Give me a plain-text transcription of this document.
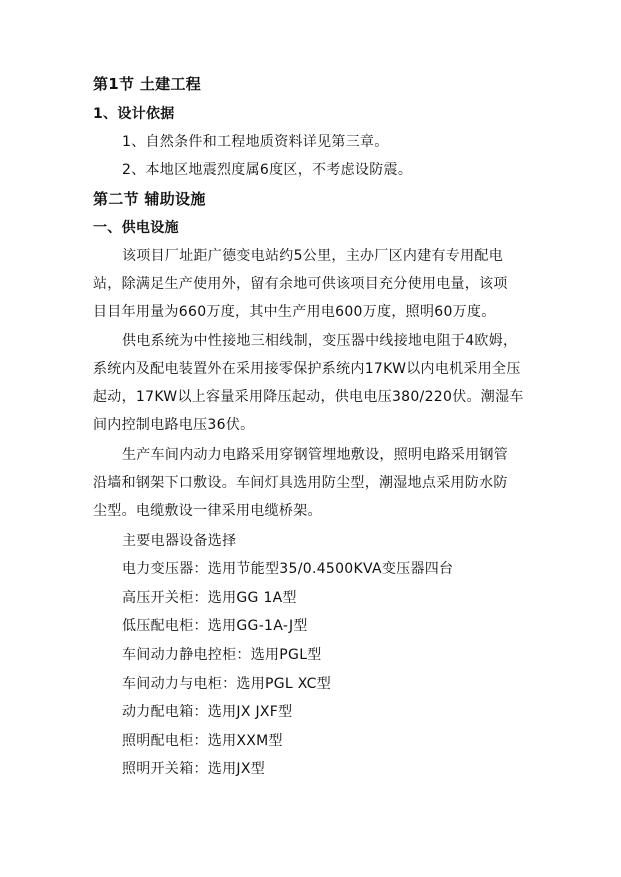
第1节 土建工程
1、设计依据
1、自然条件和工程地质资料详见第三章。
2、本地区地震烈度属6度区，不考虑设防震。
第二节 辅助设施
一、供电设施
该项目厂址距广德变电站约5公里，主办厂区内建有专用配电
站，除满足生产使用外，留有余地可供该项目充分使用电量，该项
目目年用量为660万度，其中生产用电600万度，照明60万度。
供电系统为中性接地三相线制，变压器中线接地电阻于4欧姆，
系统内及配电装置外在采用接零保护系统内17KW以内电机采用全压
起动，17KW以上容量采用降压起动，供电电压380/220伏。潮湿车
间内控制电路电压36伏。
生产车间内动力电路采用穿钢管埋地敷设，照明电路采用钢管
沿墙和钢架下口敷设。车间灯具选用防尘型，潮湿地点采用防水防
尘型。电缆敷设一律采用电缆桥架。
主要电器设备选择
电力变压器：选用节能型35/0.4500KVA变压器四台
高压开关柜：选用GG 1A型
低压配电柜：选用GG-1A-J型
车间动力静电控柜：选用PGL型
车间动力与电柜：选用PGL XC型
动力配电箱：选用JX JXF型
照明配电柜：选用XXM型
照明开关箱：选用JX型
